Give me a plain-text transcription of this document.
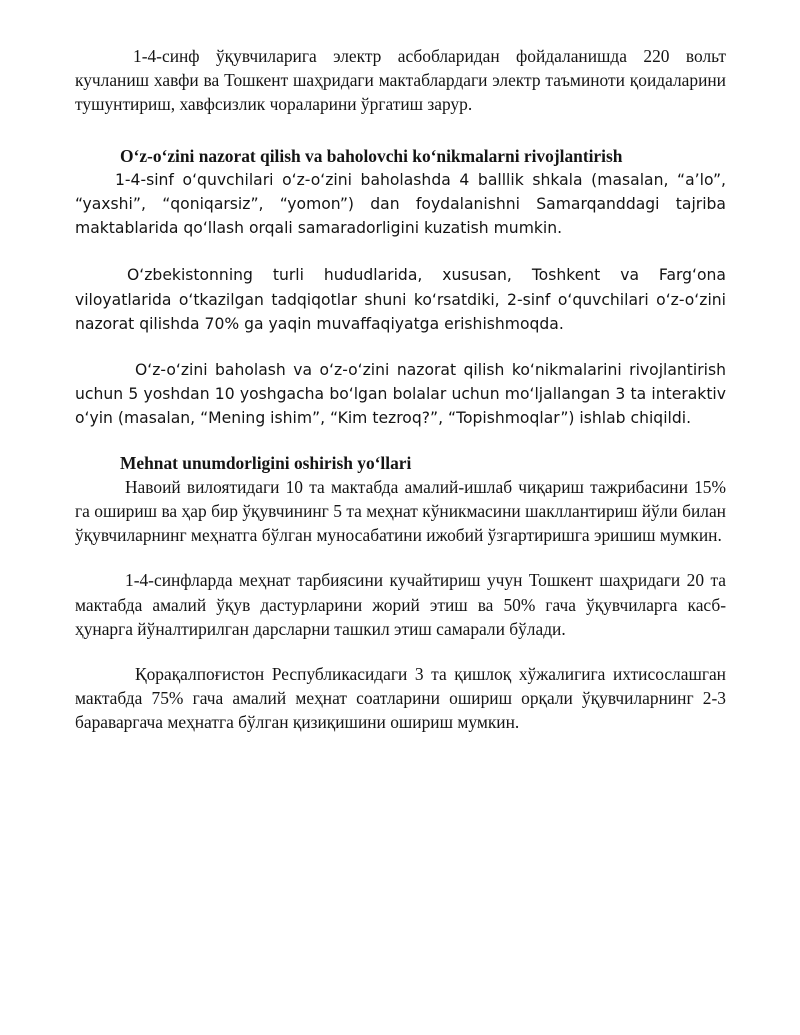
1-4-синф ўқувчиларига электр асбобларидан фойдаланишда 220 вольт кучланиш хавфи ва Тошкент шаҳридаги мактаблардаги электр таъминоти қоидаларини тушунтириш, хавфсизлик чораларини ўргатиш зарур.

O‘z-o‘zini nazorat qilish va baholovchi ko‘nikmalarni rivojlantirish

1-4-sinf o‘quvchilari o‘z-o‘zini baholashda 4 balllik shkala (masalan, “a’lo”, “yaxshi”, “qoniqarsiz”, “yomon”) dan foydalanishni Samarqanddagi tajriba maktablarida qo‘llash orqali samaradorligini kuzatish mumkin.

O‘zbekistonning turli hududlarida, xususan, Toshkent va Farg‘ona viloyatlarida o‘tkazilgan tadqiqotlar shuni ko‘rsatdiki, 2-sinf o‘quvchilari o‘z-o‘zini nazorat qilishda 70% ga yaqin muvaffaqiyatga erishishmoqda.

O‘z-o‘zini baholash va o‘z-o‘zini nazorat qilish ko‘nikmalarini rivojlantirish uchun 5 yoshdan 10 yoshgacha bo‘lgan bolalar uchun mo‘ljallangan 3 ta interaktiv o‘yin (masalan, “Mening ishim”, “Kim tezroq?”, “Topishmoqlar”) ishlab chiqildi.

Mehnat unumdorligini oshirish yo‘llari

Навоий вилоятидаги 10 та мактабда амалий-ишлаб чиқариш тажрибасини 15% га ошириш ва ҳар бир ўқувчининг 5 та меҳнат кўникмасини шакллантириш йўли билан ўқувчиларнинг меҳнатга бўлган муносабатини ижобий ўзгартиришга эришиш мумкин.

1-4-синфларда меҳнат тарбиясини кучайтириш учун Тошкент шаҳридаги 20 та мактабда амалий ўқув дастурларини жорий этиш ва 50% гача ўқувчиларга касб-ҳунарга йўналтирилган дарсларни ташкил этиш самарали бўлади.

Қорақалпоғистон Республикасидаги 3 та қишлоқ хўжалигига ихтисослашган мактабда 75% гача амалий меҳнат соатларини ошириш орқали ўқувчиларнинг 2-3 бараваргача меҳнатга бўлган қизиқишини ошириш мумкин.
